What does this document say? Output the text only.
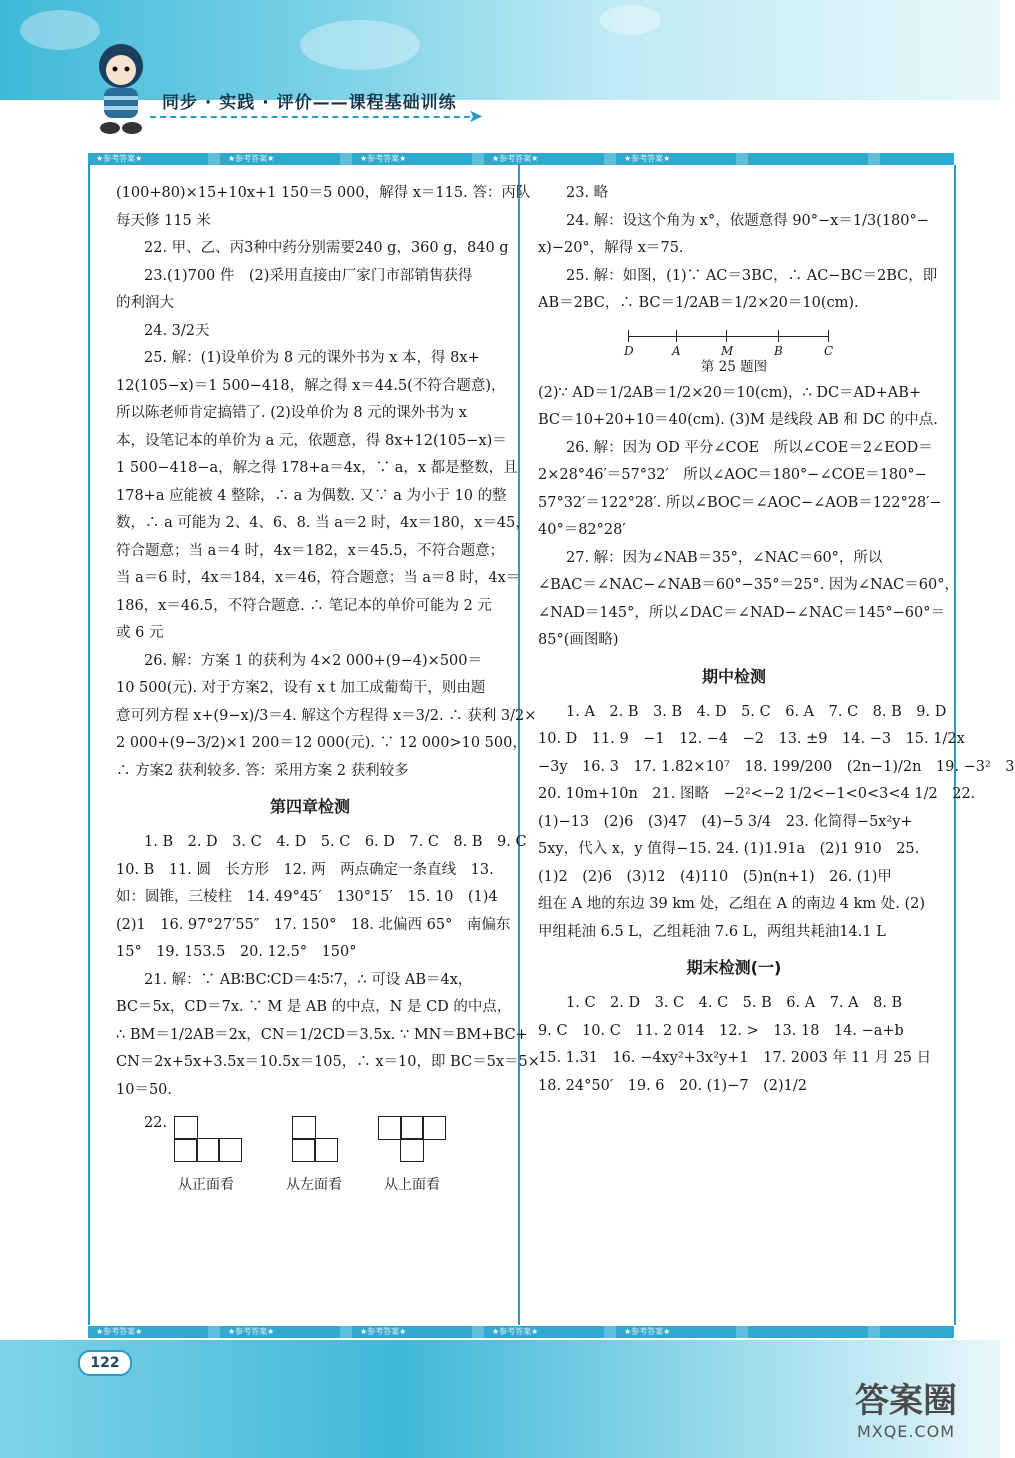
同步 · 实践 · 评价——课程基础训练
➤
★参考答案★	★参考答案★	★参考答案★	★参考答案★	★参考答案★
(100+80)×15+10x+1 150＝5 000，解得 x＝115. 答：丙队
每天修 115 米
22. 甲、乙、丙3种中药分别需要240 g，360 g，840 g
23.(1)700 件　(2)采用直接由厂家门市部销售获得
的利润大
24. 3/2天
25. 解：(1)设单价为 8 元的课外书为 x 本，得 8x+
12(105−x)＝1 500−418，解之得 x＝44.5(不符合题意)，
所以陈老师肯定搞错了. (2)设单价为 8 元的课外书为 x
本，设笔记本的单价为 a 元，依题意，得 8x+12(105−x)＝
1 500−418−a，解之得 178+a＝4x，∵ a，x 都是整数，且
178+a 应能被 4 整除，∴ a 为偶数. 又∵ a 为小于 10 的整
数，∴ a 可能为 2、4、6、8. 当 a＝2 时，4x＝180，x＝45，
符合题意；当 a＝4 时，4x＝182，x＝45.5，不符合题意；
当 a＝6 时，4x＝184，x＝46，符合题意；当 a＝8 时，4x＝
186，x＝46.5，不符合题意. ∴ 笔记本的单价可能为 2 元
或 6 元
26. 解：方案 1 的获利为 4×2 000+(9−4)×500＝
10 500(元). 对于方案2，设有 x t 加工成葡萄干，则由题
意可列方程 x+(9−x)/3＝4. 解这个方程得 x＝3/2. ∴ 获利 3/2×
2 000+(9−3/2)×1 200＝12 000(元). ∵ 12 000>10 500，
∴ 方案2 获利较多. 答：采用方案 2 获利较多
第四章检测
1. B　2. D　3. C　4. D　5. C　6. D　7. C　8. B　9. C
10. B　11. 圆　长方形　12. 两　两点确定一条直线　13.
如：圆锥，三棱柱　14. 49°45′　130°15′　15. 10　(1)4
(2)1　16. 97°27′55″　17. 150°　18. 北偏西 65°　南偏东
15°　19. 153.5　20. 12.5°　150°
21. 解：∵ AB∶BC∶CD＝4∶5∶7，∴ 可设 AB＝4x，
BC＝5x，CD＝7x. ∵ M 是 AB 的中点，N 是 CD 的中点，
∴ BM＝1/2AB＝2x，CN＝1/2CD＝3.5x. ∵ MN＝BM+BC+
CN＝2x+5x+3.5x＝10.5x＝105，∴ x＝10，即 BC＝5x＝5×
10＝50.
22.
从正面看	从左面看	从上面看
23. 略
24. 解：设这个角为 x°，依题意得 90°−x＝1/3(180°−
x)−20°，解得 x＝75.
25. 解：如图，(1)∵ AC＝3BC，∴ AC−BC＝2BC，即
AB＝2BC，∴ BC＝1/2AB＝1/2×20＝10(cm).
D	A	M	B	C
第 25 题图
(2)∵ AD＝1/2AB＝1/2×20＝10(cm)，∴ DC＝AD+AB+
BC＝10+20+10＝40(cm). (3)M 是线段 AB 和 DC 的中点.
26. 解：因为 OD 平分∠COE　所以∠COE＝2∠EOD＝
2×28°46′＝57°32′　所以∠AOC＝180°−∠COE＝180°−
57°32′＝122°28′. 所以∠BOC＝∠AOC−∠AOB＝122°28′−
40°＝82°28′
27. 解：因为∠NAB＝35°，∠NAC＝60°，所以
∠BAC＝∠NAC−∠NAB＝60°−35°＝25°. 因为∠NAC＝60°，
∠NAD＝145°，所以∠DAC＝∠NAD−∠NAC＝145°−60°＝
85°(画图略)
期中检测
1. A　2. B　3. B　4. D　5. C　6. A　7. C　8. B　9. D
10. D　11. 9　−1　12. −4　−2　13. ±9　14. −3　15. 1/2x
−3y　16. 3　17. 1.82×10⁷　18. 199/200　(2n−1)/2n　19. −3²　3
20. 10m+10n　21. 图略　−2²<−2 1/2<−1<0<3<4 1/2　22.
(1)−13　(2)6　(3)47　(4)−5 3/4　23. 化简得−5x²y+
5xy，代入 x，y 值得−15. 24. (1)1.91a　(2)1 910　25.
(1)2　(2)6　(3)12　(4)110　(5)n(n+1)　26. (1)甲
组在 A 地的东边 39 km 处，乙组在 A 的南边 4 km 处. (2)
甲组耗油 6.5 L，乙组耗油 7.6 L，两组共耗油14.1 L
期末检测(一)
1. C　2. D　3. C　4. C　5. B　6. A　7. A　8. B
9. C　10. C　11. 2 014　12. >　13. 18　14. −a+b
15. 1.31　16. −4xy²+3x²y+1　17. 2003 年 11 月 25 日
18. 24°50′　19. 6　20. (1)−7　(2)1/2
★参考答案★	★参考答案★	★参考答案★	★参考答案★	★参考答案★
122
答案圈
MXQE.COM
